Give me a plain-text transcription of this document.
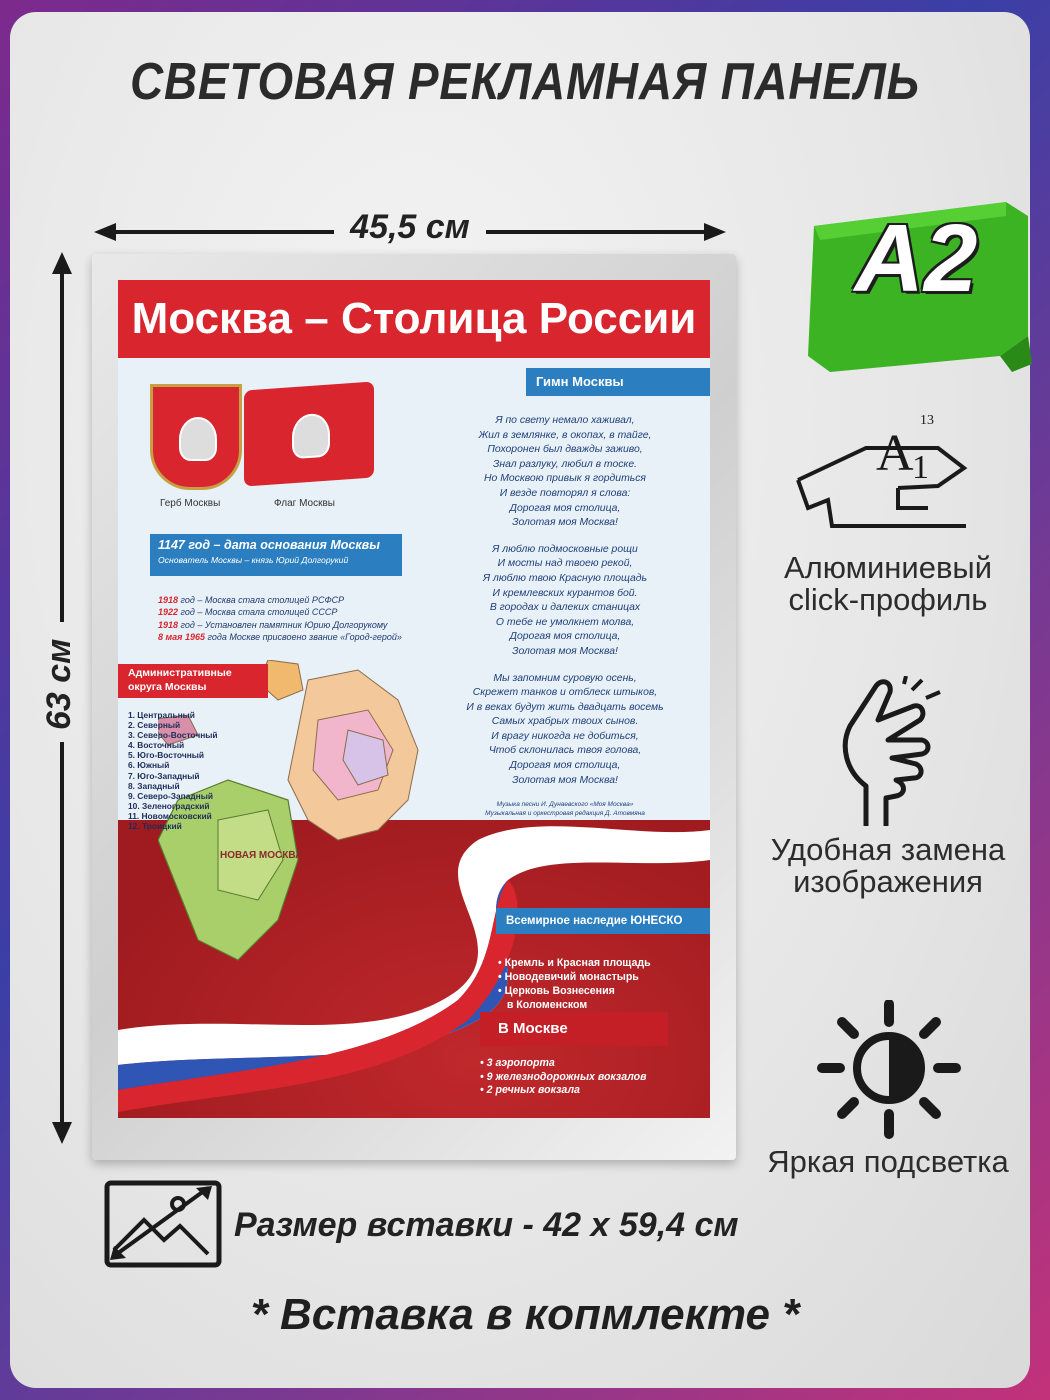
СВЕТОВАЯ РЕКЛАМНАЯ ПАНЕЛЬ
45,5 см
63 см
Москва – Столица России
Герб Москвы	Флаг Москвы
Гимн Москвы

Я по свету немало хаживал,
Жил в землянке, в окопах, в тайге,
Похоронен был дважды заживо,
Знал разлуку, любил в тоске.
Но Москвою привык я гордиться
И везде повторял я слова:
Дорогая моя столица,
Золотая моя Москва!

Я люблю подмосковные рощи
И мосты над твоею рекой,
Я люблю твою Красную площадь
И кремлевских курантов бой.
В городах и далеких станицах
О тебе не умолкнет молва,
Дорогая моя столица,
Золотая моя Москва!

Мы запомним суровую осень,
Скрежет танков и отблеск штыков,
И в веках будут жить двадцать восемь
Самых храбрых твоих сынов.
И врагу никогда не добиться,
Чтоб склонилась твоя голова,
Дорогая моя столица,
Золотая моя Москва!

Музыка песни И. Дунаевского «Моя Москва»
Музыкальная и оркестровая редакция Д. Атовмяна
1147 год – дата основания Москвы
Основатель Москвы – князь Юрий Долгорукий
1918 год – Москва стала столицей РСФСР
1922 год – Москва стала столицей СССР
1918 год – Установлен памятник Юрию Долгорукому
8 мая 1965 года Москве присвоено звание «Город-герой»
НОВАЯ МОСКВА
Административные округа Москвы
1. Центральный
2. Северный
3. Северо-Восточный
4. Восточный
5. Юго-Восточный
6. Южный
7. Юго-Западный
8. Западный
9. Северо-Западный
10. Зеленоградский
11. Новомосковский
12. Троицкий
Всемирное наследие ЮНЕСКО
• Кремль и Красная площадь
• Новодевичий монастырь
• Церковь Вознесения
в Коломенском
В Москве
• 3 аэропорта
• 9 железнодорожных вокзалов
• 2 речных вокзала
A2
A
1
13
Алюминиевый
click-профиль
Удобная замена
изображения
Яркая подсветка
Размер вставки - 42 х 59,4 см
* Вставка в копмлекте *
